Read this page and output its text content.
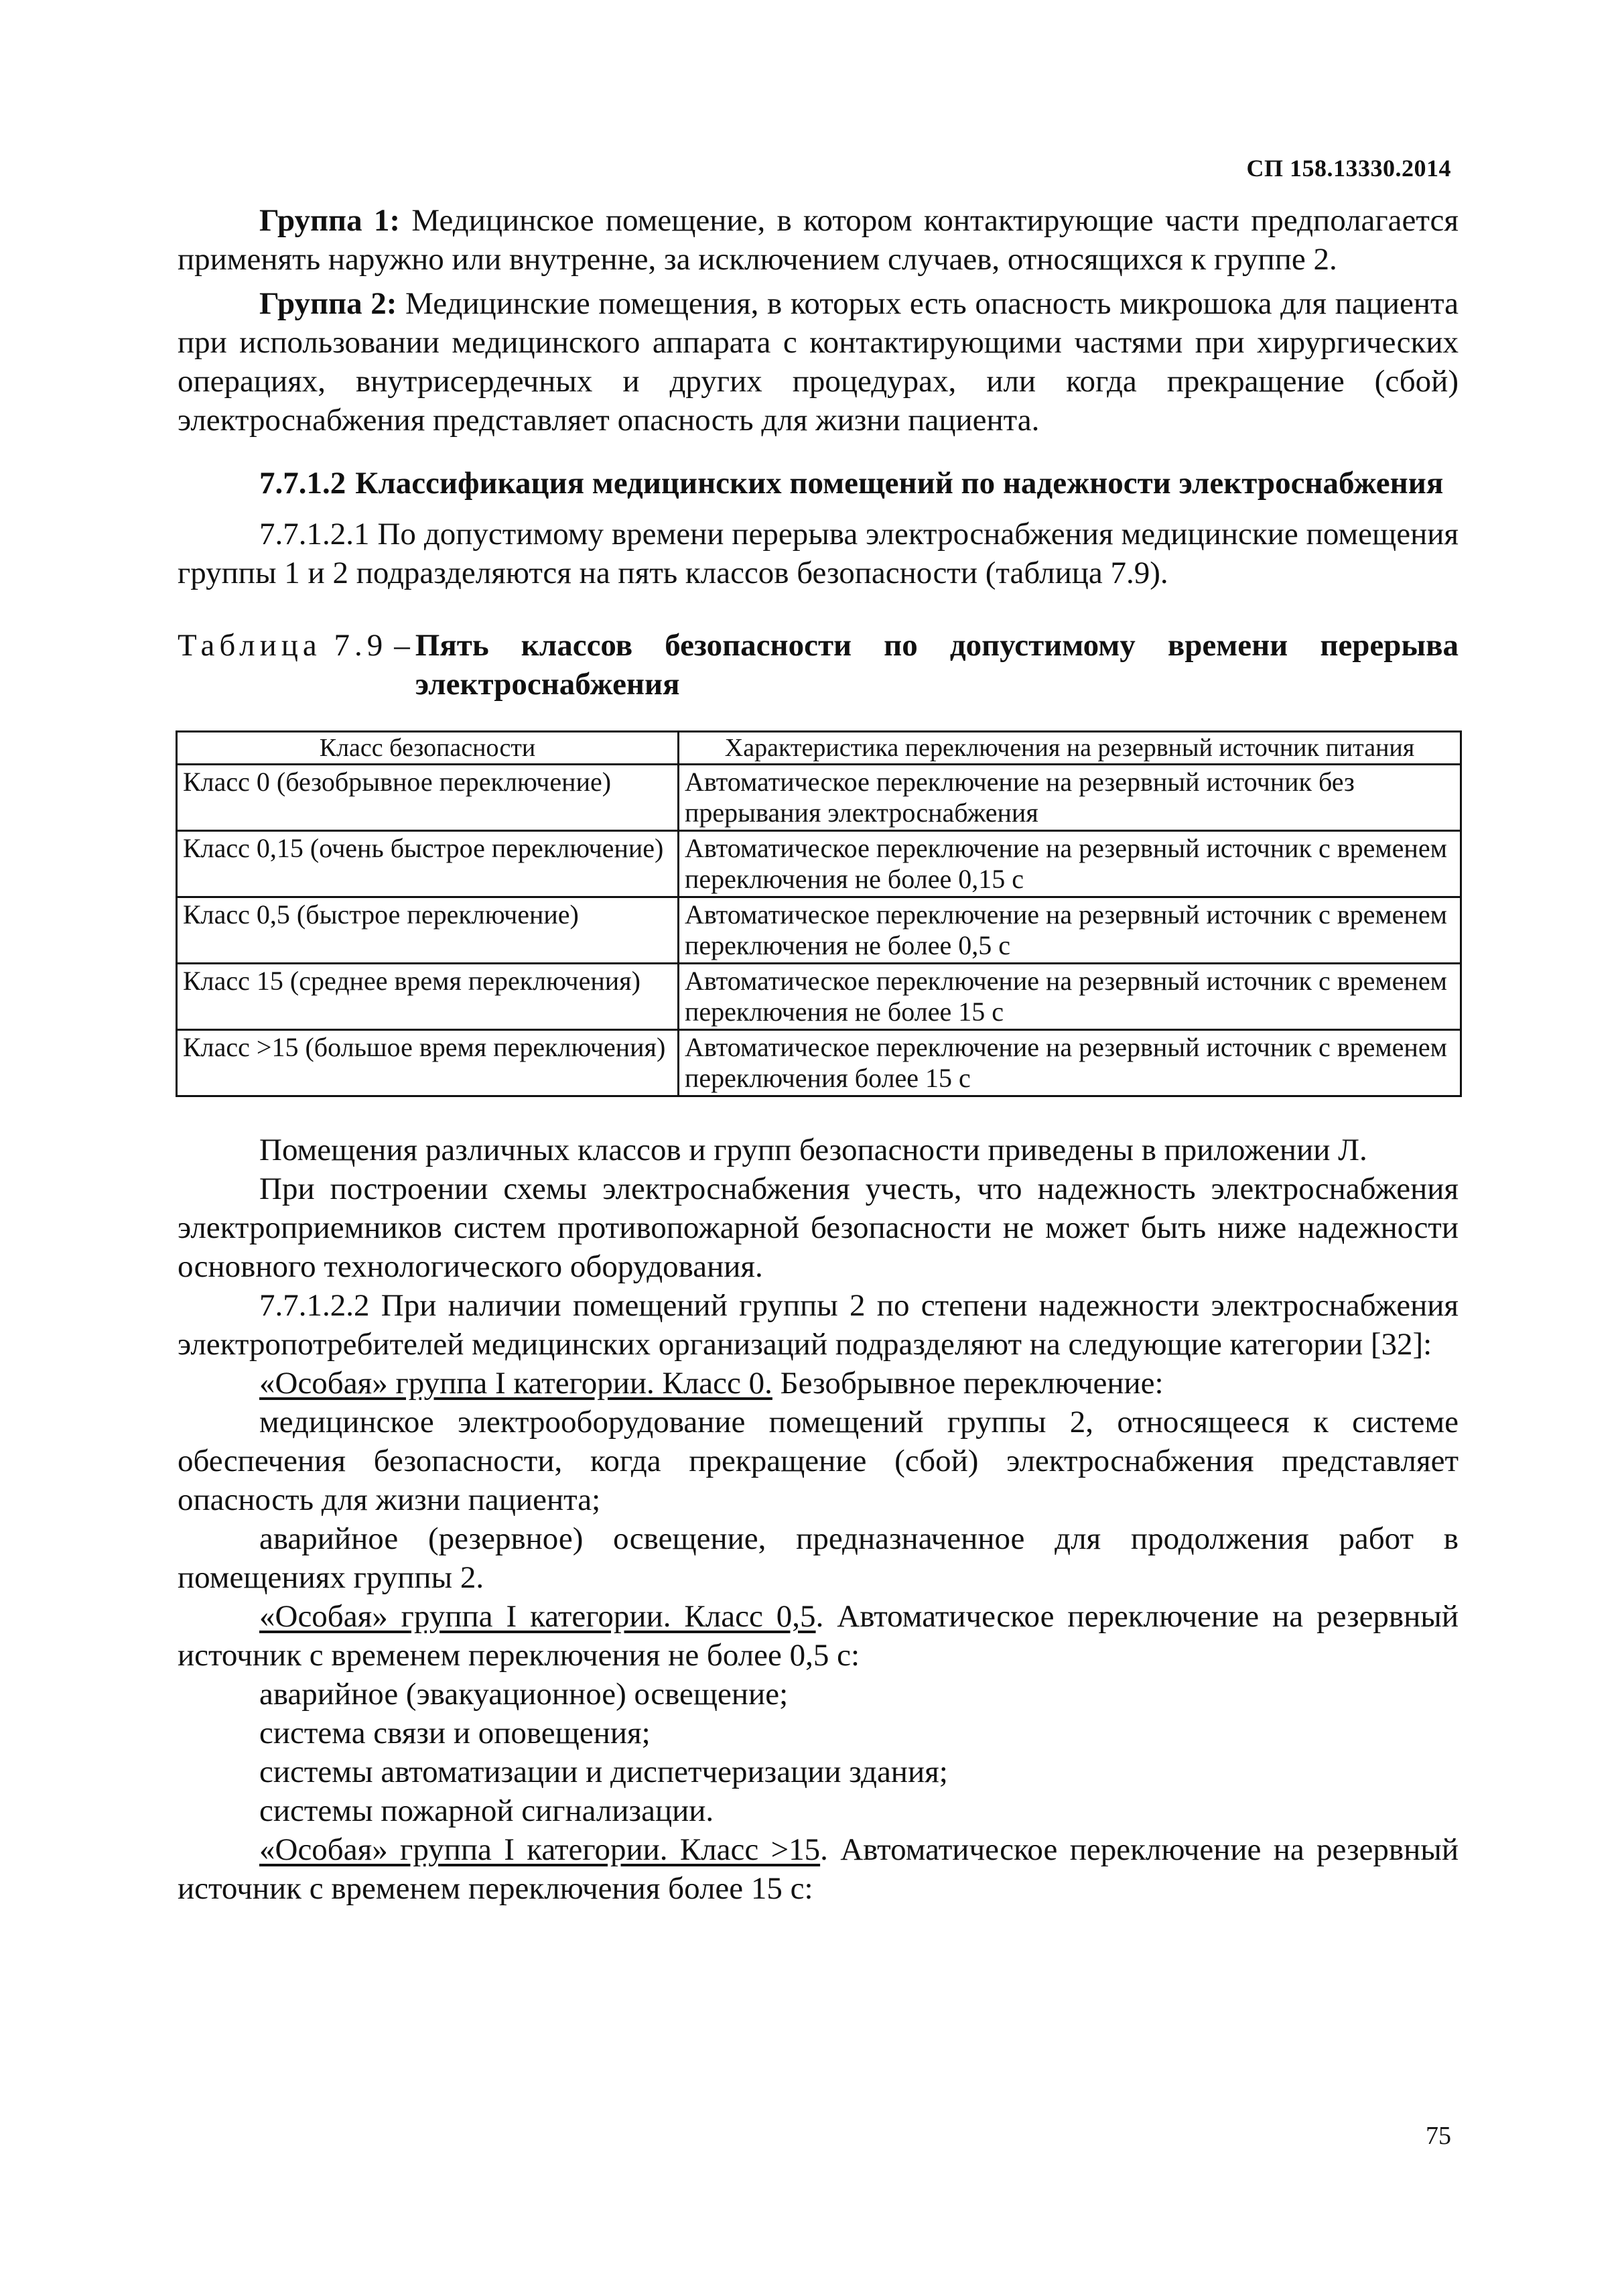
СП 158.13330.2014

Группа 1: Медицинское помещение, в котором контактирующие части предполагается применять наружно или внутренне, за исключением случаев, относящихся к группе 2.

Группа 2: Медицинские помещения, в которых есть опасность микрошока для пациента при использовании медицинского аппарата с контактирующими частями при хирургических операциях, внутрисердечных и других процедурах, или когда прекращение (сбой) электроснабжения представляет опасность для жизни пациента.

7.7.1.2 Классификация медицинских помещений по надежности электроснабжения

7.7.1.2.1 По допустимому времени перерыва электроснабжения медицинские помещения группы 1 и 2 подразделяются на пять классов безопасности (таблица 7.9).

Таблица 7.9 – Пять классов безопасности по допустимому времени перерыва электроснабжения
Класс безопасности	Характеристика переключения на резервный источник питания
Класс 0 (безобрывное переключение)	Автоматическое переключение на резервный источник без прерывания электроснабжения
Класс 0,15 (очень быстрое переключение)	Автоматическое переключение на резервный источник с временем переключения не более 0,15 с
Класс 0,5 (быстрое переключение)	Автоматическое переключение на резервный источник с временем переключения не более 0,5 с
Класс 15 (среднее время переключения)	Автоматическое переключение на резервный источник с временем переключения не более 15 с
Класс >15 (большое время переключения)	Автоматическое переключение на резервный источник с временем переключения более 15 с

Помещения различных классов и групп безопасности приведены в приложении Л.

При построении схемы электроснабжения учесть, что надежность электроснабжения электроприемников систем противопожарной безопасности не может быть ниже надежности основного технологического оборудования.

7.7.1.2.2 При наличии помещений группы 2 по степени надежности электроснабжения электропотребителей медицинских организаций подразделяют на следующие категории [32]:

«Особая» группа I категории. Класс 0. Безобрывное переключение:

медицинское электрооборудование помещений группы 2, относящееся к системе обеспечения безопасности, когда прекращение (сбой) электроснабжения представляет опасность для жизни пациента;

аварийное (резервное) освещение, предназначенное для продолжения работ в помещениях группы 2.

«Особая» группа I категории. Класс 0,5. Автоматическое переключение на резервный источник с временем переключения не более 0,5 с:

аварийное (эвакуационное) освещение;

система связи и оповещения;

системы автоматизации и диспетчеризации здания;

системы пожарной сигнализации.

«Особая» группа I категории. Класс >15. Автоматическое переключение на резервный источник с временем переключения более 15 с:

75
